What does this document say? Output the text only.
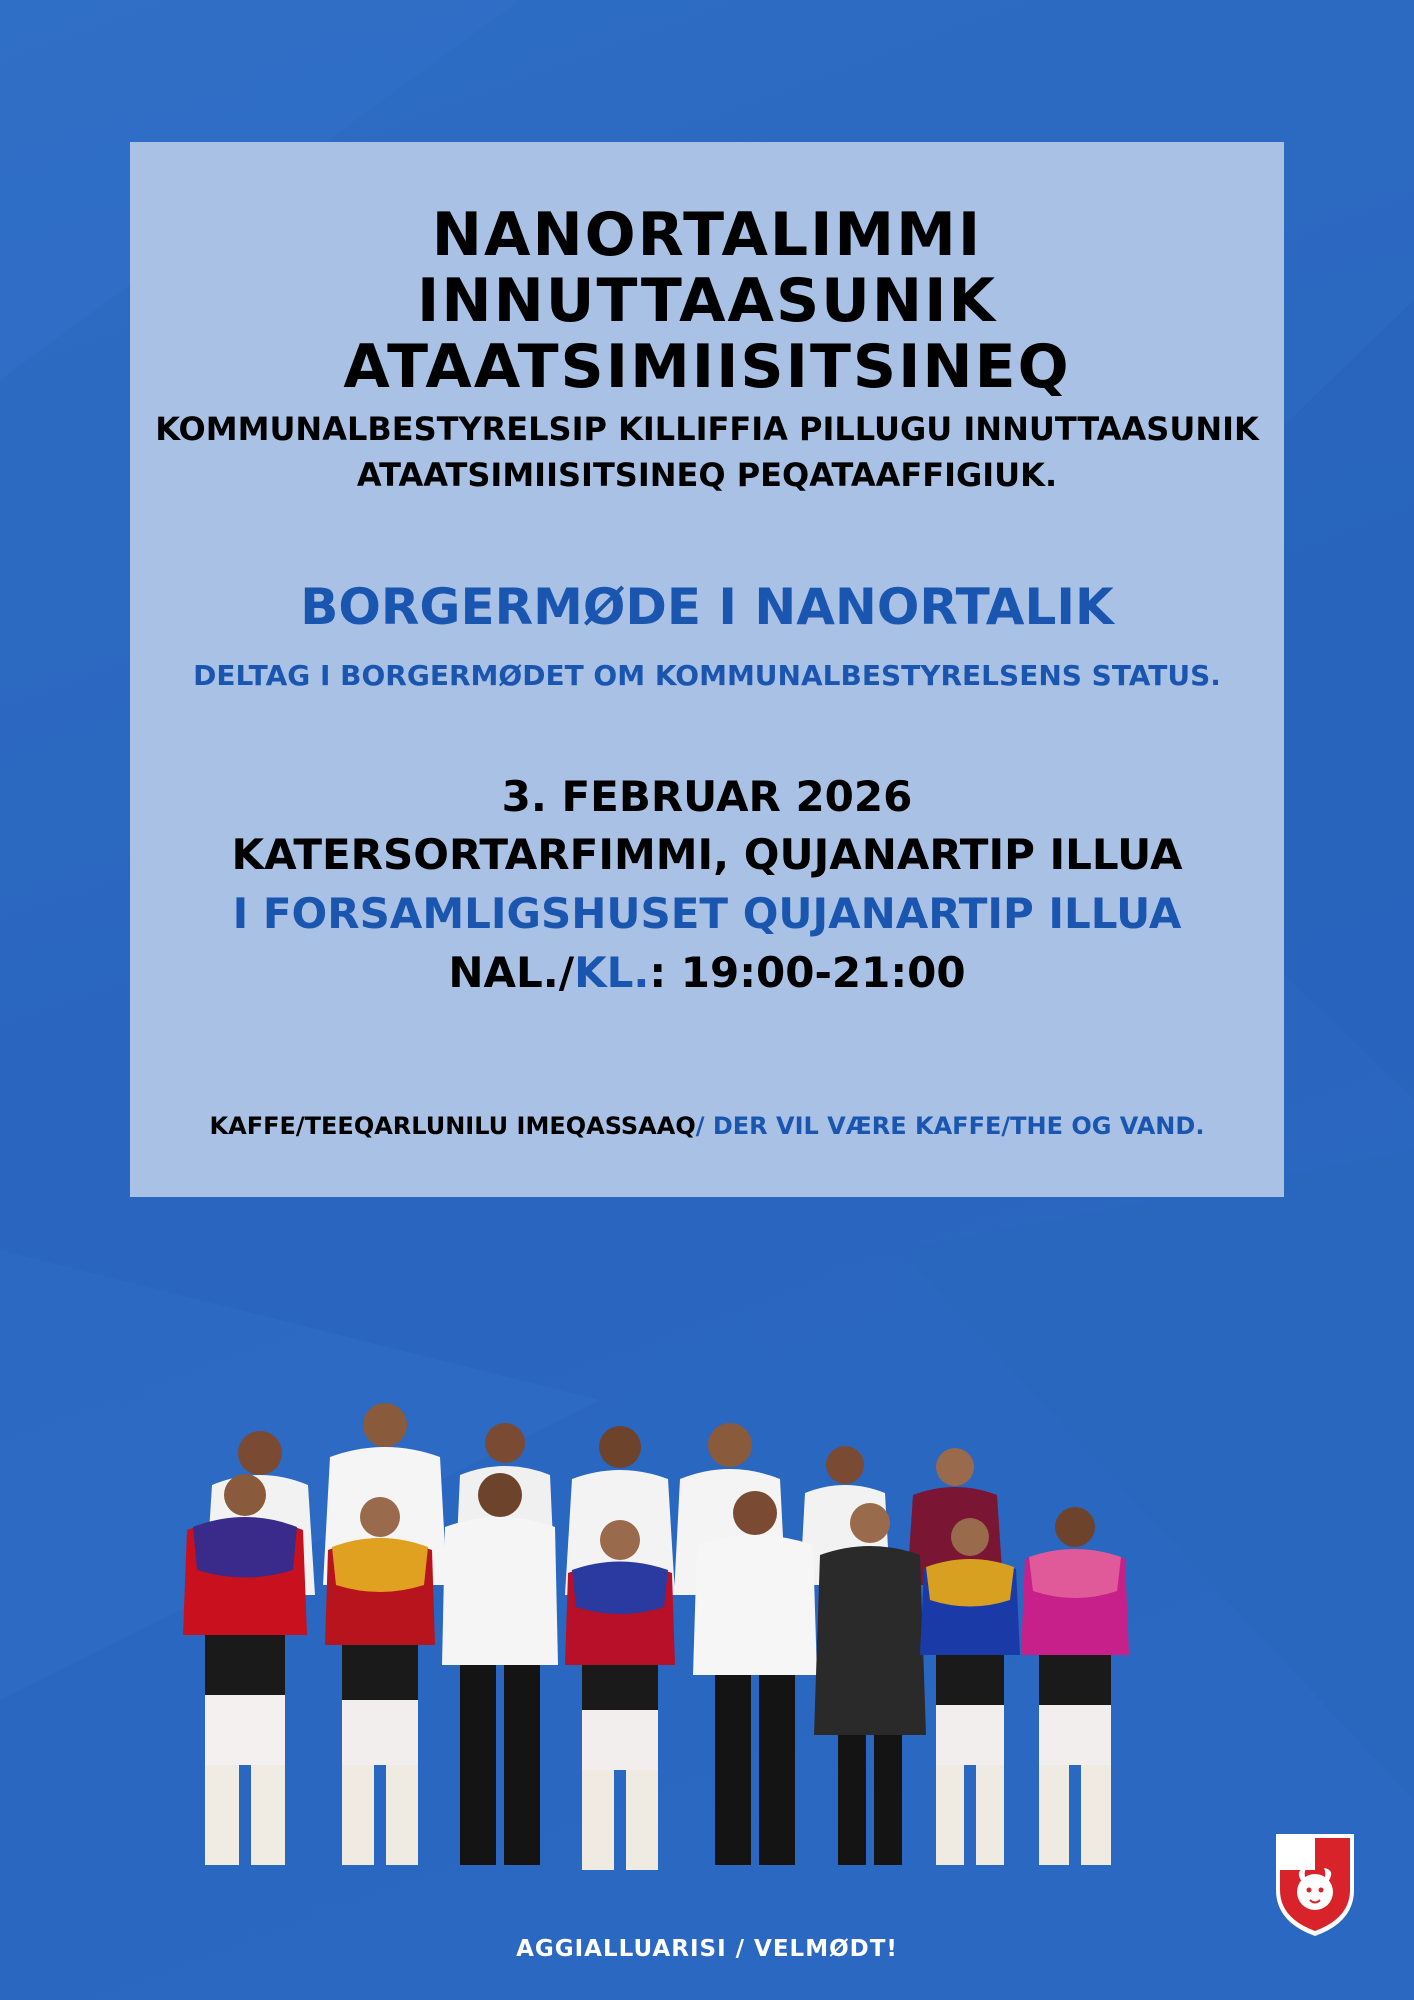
NANORTALIMMI
INNUTTAASUNIK
ATAATSIMIISITSINEQ
KOMMUNALBESTYRELSIP KILLIFFIA PILLUGU INNUTTAASUNIK
ATAATSIMIISITSINEQ PEQATAAFFIGIUK.
BORGERMØDE I NANORTALIK
DELTAG I BORGERMØDET OM KOMMUNALBESTYRELSENS STATUS.
3. FEBRUAR 2026
KATERSORTARFIMMI, QUJANARTIP ILLUA
I FORSAMLIGSHUSET QUJANARTIP ILLUA
NAL./KL.: 19:00-21:00
KAFFE/TEEQARLUNILU IMEQASSAAQ/ DER VIL VÆRE KAFFE/THE OG VAND.
AGGIALLUARISI / VELMØDT!
